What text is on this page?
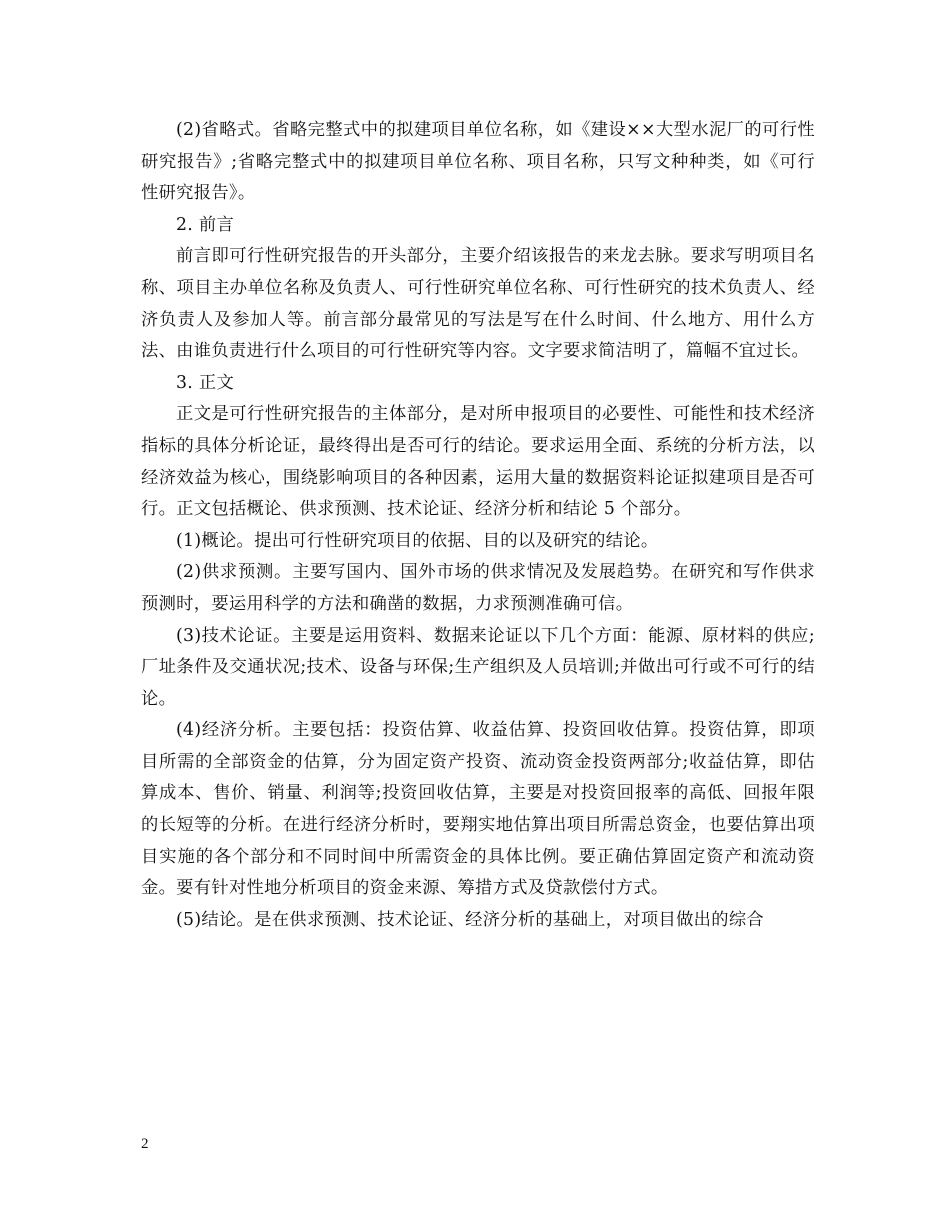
(2)省略式。省略完整式中的拟建项目单位名称，如《建设××大型水泥厂的可行性研究报告》;省略完整式中的拟建项目单位名称、项目名称，只写文种种类，如《可行性研究报告》。

2. 前言

前言即可行性研究报告的开头部分，主要介绍该报告的来龙去脉。要求写明项目名称、项目主办单位名称及负责人、可行性研究单位名称、可行性研究的技术负责人、经济负责人及参加人等。前言部分最常见的写法是写在什么时间、什么地方、用什么方法、由谁负责进行什么项目的可行性研究等内容。文字要求简洁明了，篇幅不宜过长。

3. 正文

正文是可行性研究报告的主体部分，是对所申报项目的必要性、可能性和技术经济指标的具体分析论证，最终得出是否可行的结论。要求运用全面、系统的分析方法，以经济效益为核心，围绕影响项目的各种因素，运用大量的数据资料论证拟建项目是否可行。正文包括概论、供求预测、技术论证、经济分析和结论 5 个部分。

(1)概论。提出可行性研究项目的依据、目的以及研究的结论。

(2)供求预测。主要写国内、国外市场的供求情况及发展趋势。在研究和写作供求预测时，要运用科学的方法和确凿的数据，力求预测准确可信。

(3)技术论证。主要是运用资料、数据来论证以下几个方面：能源、原材料的供应;厂址条件及交通状况;技术、设备与环保;生产组织及人员培训;并做出可行或不可行的结论。

(4)经济分析。主要包括：投资估算、收益估算、投资回收估算。投资估算，即项目所需的全部资金的估算，分为固定资产投资、流动资金投资两部分;收益估算，即估算成本、售价、销量、利润等;投资回收估算，主要是对投资回报率的高低、回报年限的长短等的分析。在进行经济分析时，要翔实地估算出项目所需总资金，也要估算出项目实施的各个部分和不同时间中所需资金的具体比例。要正确估算固定资产和流动资金。要有针对性地分析项目的资金来源、筹措方式及贷款偿付方式。

(5)结论。是在供求预测、技术论证、经济分析的基础上，对项目做出的综合

2
